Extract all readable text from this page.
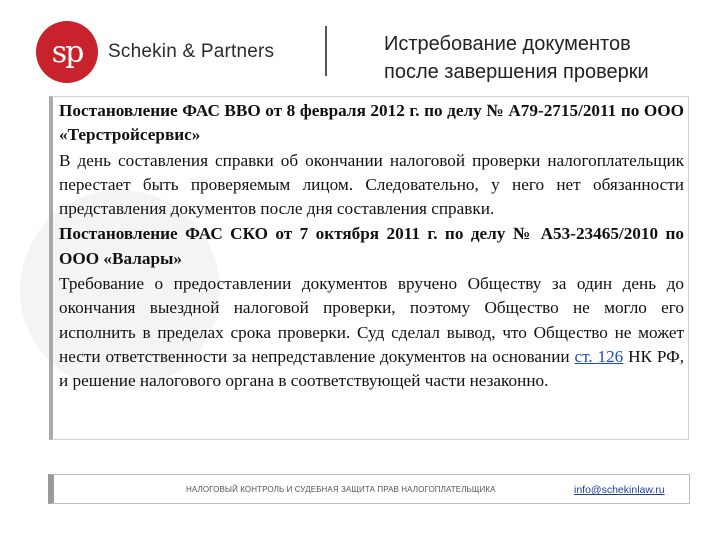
sp	Schekin & Partners	Истребование документов
после завершения проверки

Постановление ФАС ВВО от 8 февраля 2012 г. по делу № А79-2715/2011 по ООО «Терстройсервис»

В день составления справки об окончании налоговой проверки налогоплательщик перестает быть проверяемым лицом. Следовательно, у него нет обязанности представления документов после дня составления справки.

Постановление ФАС СКО от 7 октября 2011 г. по делу № А53-23465/2010 по ООО «Валары»

Требование о предоставлении документов вручено Обществу за один день до окончания выездной налоговой проверки, поэтому Общество не могло его исполнить в пределах срока проверки. Суд сделал вывод, что Общество не может нести ответственности за непредставление документов на основании ст. 126 НК РФ, и решение налогового органа в соответствующей части незаконно.

НАЛОГОВЫЙ КОНТРОЛЬ И СУДЕБНАЯ ЗАЩИТА ПРАВ НАЛОГОПЛАТЕЛЬЩИКА	info@schekinlaw.ru
